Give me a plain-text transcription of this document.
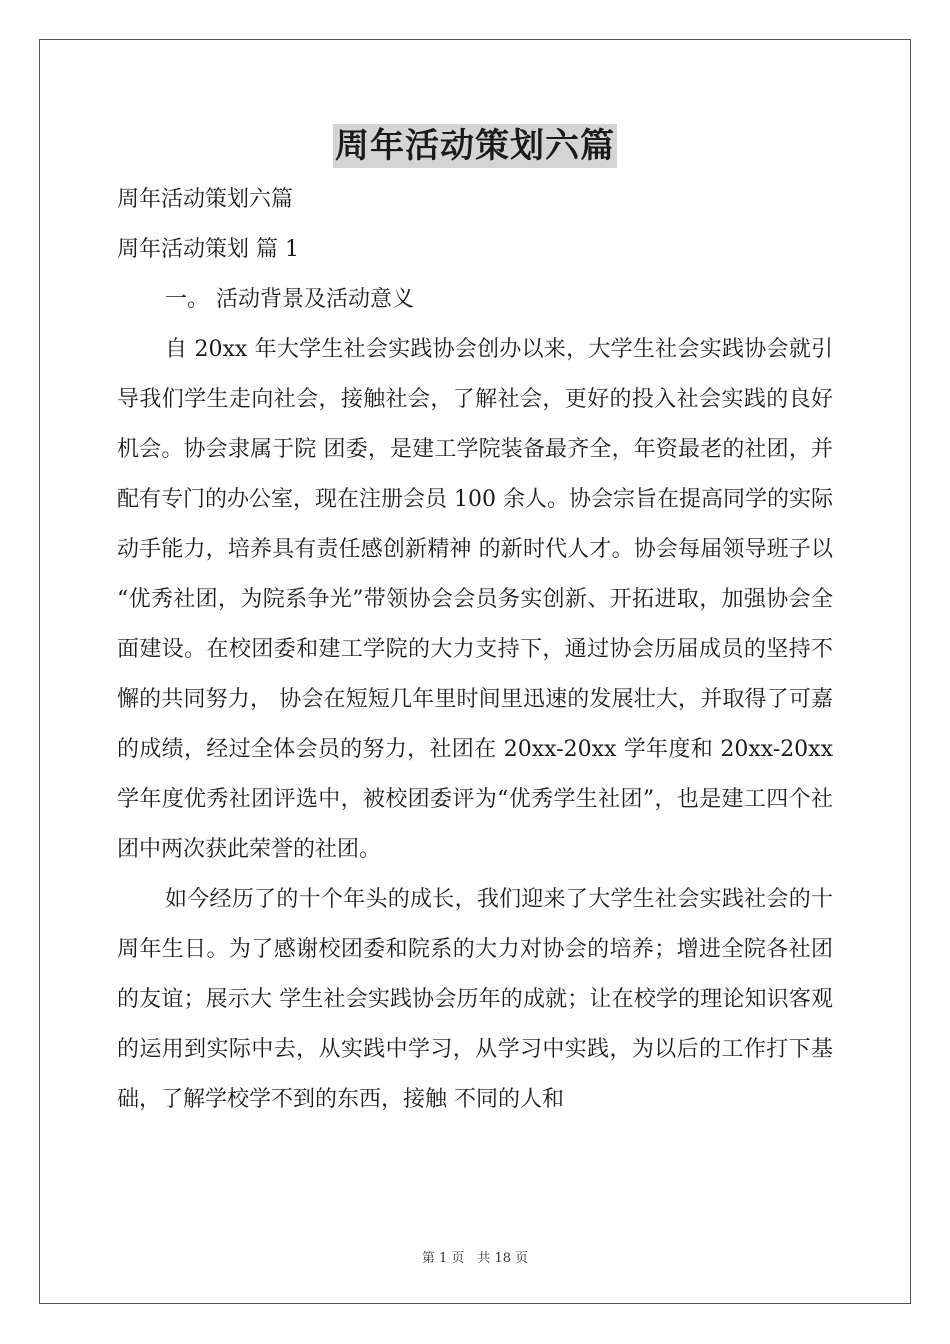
周年活动策划六篇
周年活动策划六篇
周年活动策划 篇 1
一。 活动背景及活动意义

自 20xx 年大学生社会实践协会创办以来，大学生社会实践协会就引导我们学生走向社会，接触社会，了解社会，更好的投入社会实践的良好机会。协会隶属于院 团委，是建工学院装备最齐全，年资最老的社团，并配有专门的办公室，现在注册会员 100 余人。协会宗旨在提高同学的实际动手能力，培养具有责任感创新精神 的新时代人才。协会每届领导班子以 “优秀社团，为院系争光”带领协会会员务实创新、开拓进取，加强协会全面建设。在校团委和建工学院的大力支持下，通过协会历届成员的坚持不懈的共同努力， 协会在短短几年里时间里迅速的发展壮大，并取得了可嘉的成绩，经过全体会员的努力，社团在 20xx-20xx 学年度和 20xx-20xx 学年度优秀社团评选中，被校团委评为“优秀学生社团”，也是建工四个社团中两次获此荣誉的社团。

如今经历了的十个年头的成长，我们迎来了大学生社会实践社会的十周年生日。为了感谢校团委和院系的大力对协会的培养；增进全院各社团的友谊；展示大 学生社会实践协会历年的成就；让在校学的理论知识客观的运用到实际中去，从实践中学习，从学习中实践，为以后的工作打下基础，了解学校学不到的东西，接触 不同的人和

第 1 页　共 18 页
